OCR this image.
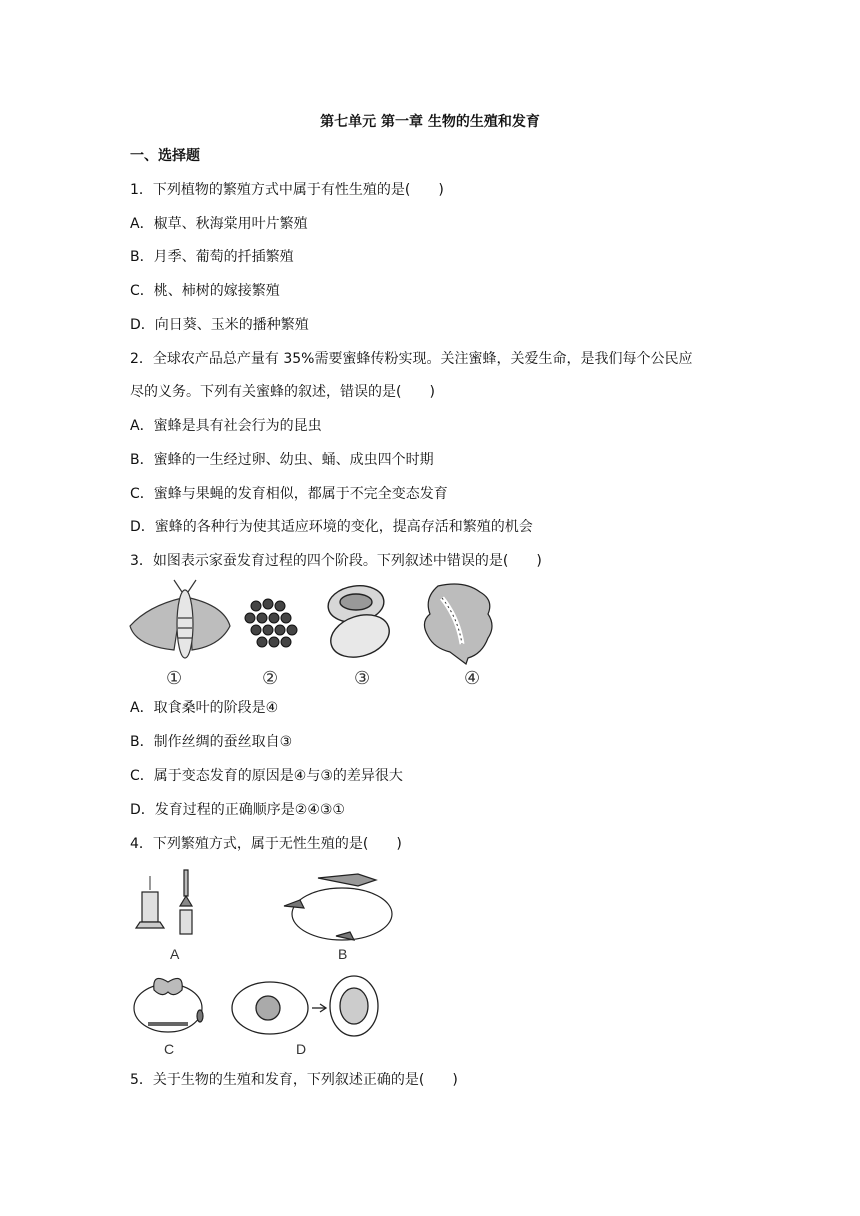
第七单元 第一章 生物的生殖和发育
一、选择题
1．下列植物的繁殖方式中属于有性生殖的是(　　)
A．椒草、秋海棠用叶片繁殖
B．月季、葡萄的扦插繁殖
C．桃、柿树的嫁接繁殖
D．向日葵、玉米的播种繁殖
2．全球农产品总产量有 35%需要蜜蜂传粉实现。关注蜜蜂，关爱生命，是我们每个公民应
尽的义务。下列有关蜜蜂的叙述，错误的是(　　)
A．蜜蜂是具有社会行为的昆虫
B．蜜蜂的一生经过卵、幼虫、蛹、成虫四个时期
C．蜜蜂与果蝇的发育相似，都属于不完全变态发育
D．蜜蜂的各种行为使其适应环境的变化，提高存活和繁殖的机会
3．如图表示家蚕发育过程的四个阶段。下列叙述中错误的是(　　)
①	②	③	④
A．取食桑叶的阶段是④
B．制作丝绸的蚕丝取自③
C．属于变态发育的原因是④与③的差异很大
D．发育过程的正确顺序是②④③①
4．下列繁殖方式，属于无性生殖的是(　　)
A	B
C	D
5．关于生物的生殖和发育，下列叙述正确的是(　　)
